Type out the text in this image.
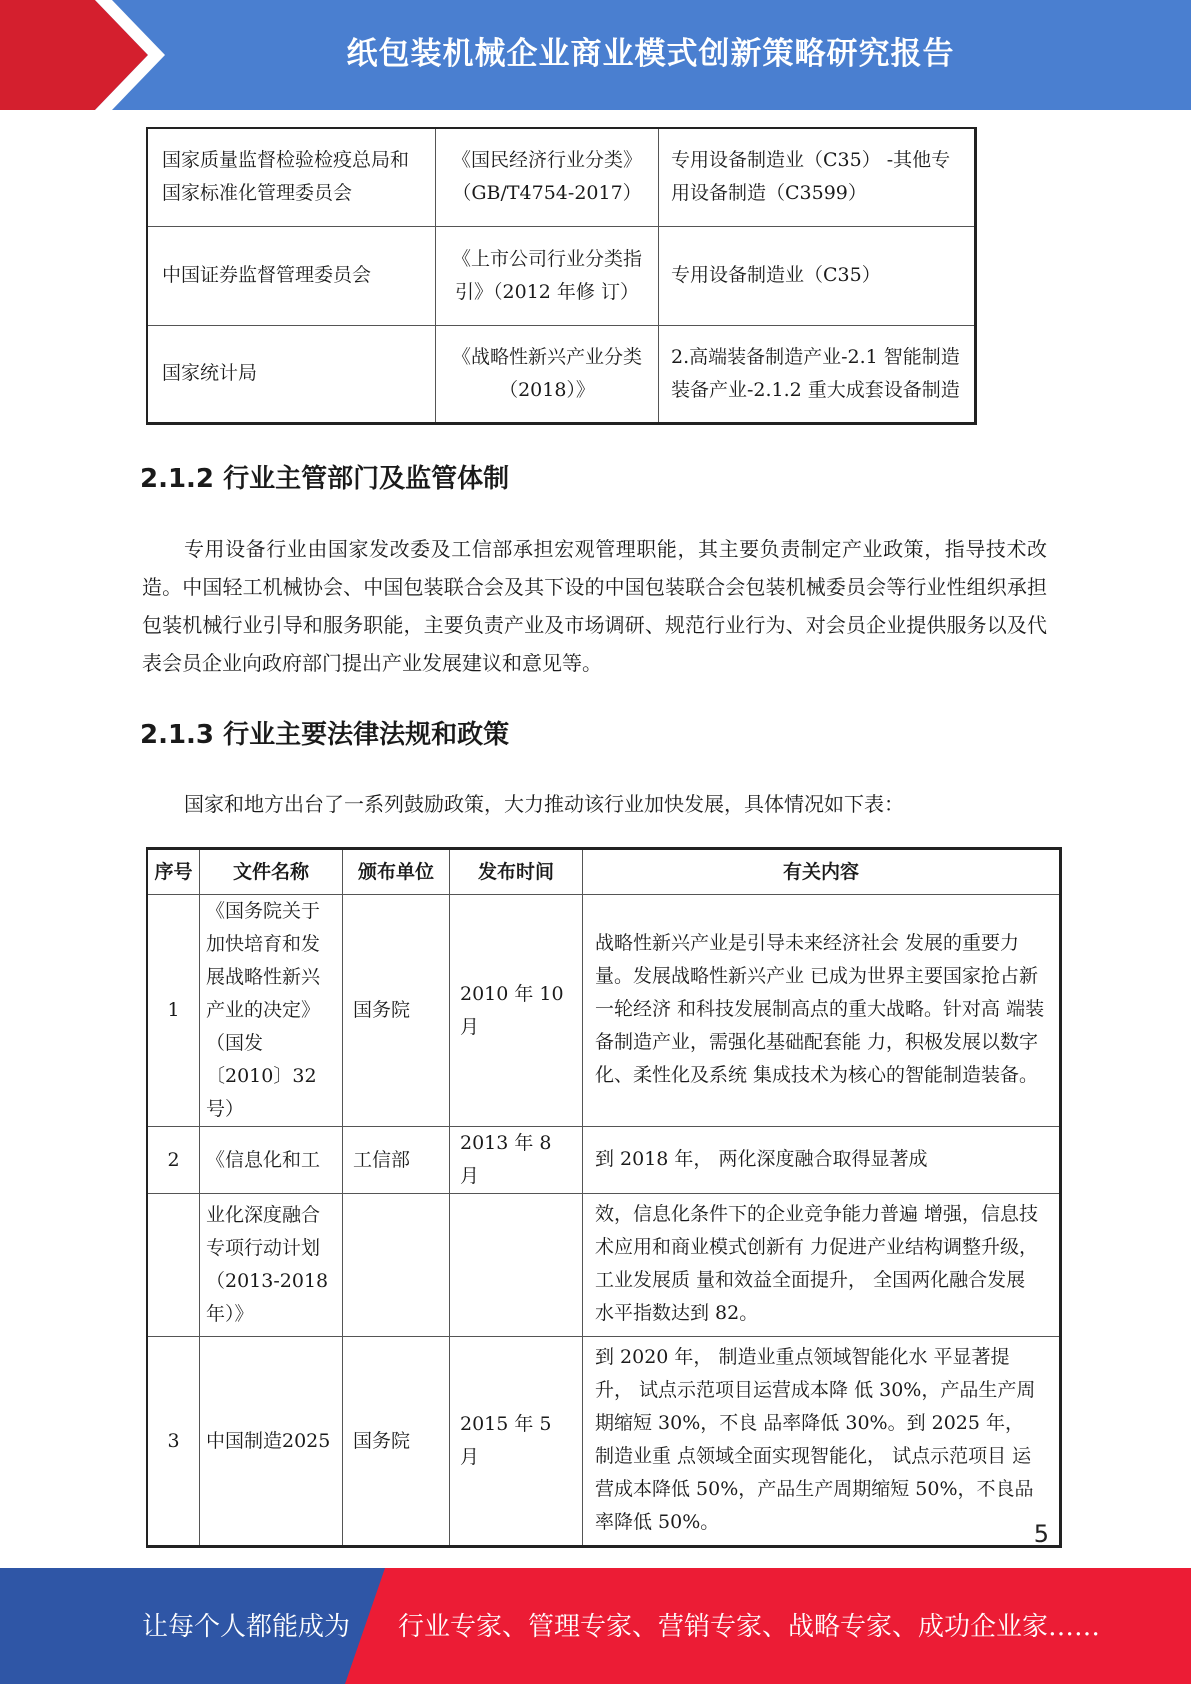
纸包装机械企业商业模式创新策略研究报告
国家质量监督检验检疫总局和国家标准化管理委员会	《国民经济行业分类》（GB/T4754-2017）	专用设备制造业（C35） -其他专 用设备制造（C3599）
中国证券监督管理委员会	《上市公司行业分类指引》（2012 年修 订）	专用设备制造业（C35）
国家统计局	《战略性新兴产业分类（2018）》	2.高端装备制造产业-2.1 智能制造 装备产业-2.1.2 重大成套设备制造
2.1.2 行业主管部门及监管体制

专用设备行业由国家发改委及工信部承担宏观管理职能，其主要负责制定产业政策，指导技术改造。中国轻工机械协会、中国包装联合会及其下设的中国包装联合会包装机械委员会等行业性组织承担包装机械行业引导和服务职能，主要负责产业及市场调研、规范行业行为、对会员企业提供服务以及代表会员企业向政府部门提出产业发展建议和意见等。

2.1.3 行业主要法律法规和政策

国家和地方出台了一系列鼓励政策，大力推动该行业加快发展，具体情况如下表：

序号	文件名称	颁布单位	发布时间	有关内容
1	《国务院关于加快培育和发展战略性新兴产业的决定》（国发〔2010〕32号）	国务院	2010 年 10 月	战略性新兴产业是引导未来经济社会 发展的重要力量。发展战略性新兴产业 已成为世界主要国家抢占新一轮经济 和科技发展制高点的重大战略。针对高 端装备制造产业，需强化基础配套能 力，积极发展以数字化、柔性化及系统 集成技术为核心的智能制造装备。
2	《信息化和工	工信部	2013 年 8 月	到 2018 年， 两化深度融合取得显著成
	业化深度融合专项行动计划（2013-2018年）》			效，信息化条件下的企业竞争能力普遍 增强，信息技术应用和商业模式创新有 力促进产业结构调整升级， 工业发展质 量和效益全面提升， 全国两化融合发展 水平指数达到 82。
3	中国制造2025	国务院	2015 年 5 月	到 2020 年， 制造业重点领域智能化水 平显著提升， 试点示范项目运营成本降 低 30%，产品生产周期缩短 30%，不良 品率降低 30%。到 2025 年， 制造业重 点领域全面实现智能化， 试点示范项目 运营成本降低 50%，产品生产周期缩短 50%，不良品率降低 50%。	5
让每个人都能成为 行业专家、管理专家、营销专家、战略专家、成功企业家……
